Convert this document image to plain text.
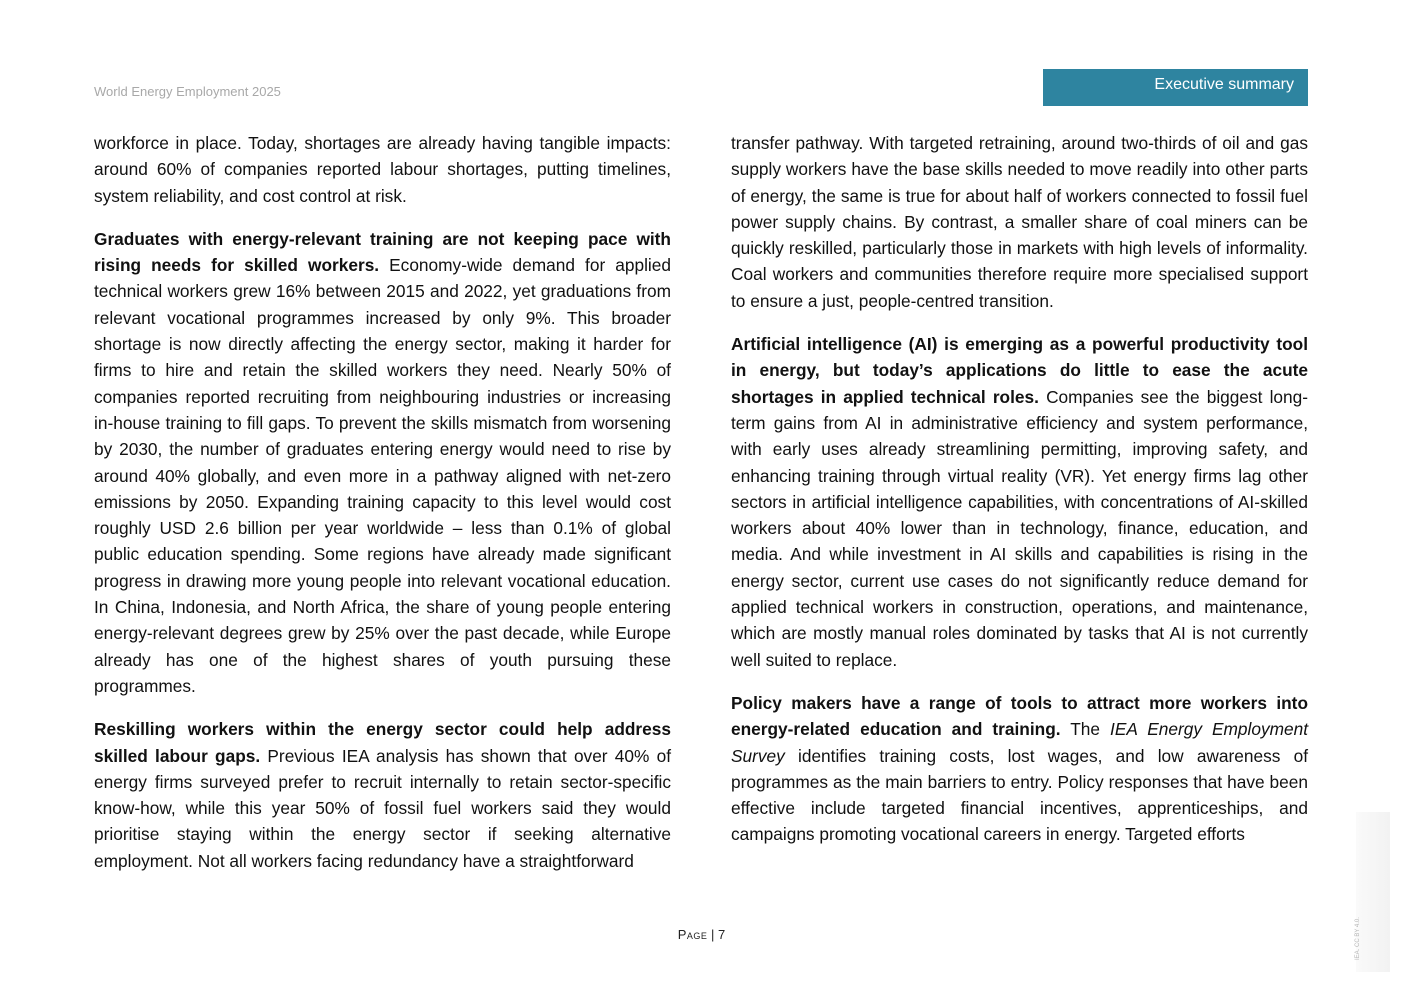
World Energy Employment 2025	Executive summary

workforce in place. Today, shortages are already having tangible impacts: around 60% of companies reported labour shortages, putting timelines, system reliability, and cost control at risk.

Graduates with energy-relevant training are not keeping pace with rising needs for skilled workers. Economy-wide demand for applied technical workers grew 16% between 2015 and 2022, yet graduations from relevant vocational programmes increased by only 9%. This broader shortage is now directly affecting the energy sector, making it harder for firms to hire and retain the skilled workers they need. Nearly 50% of companies reported recruiting from neighbouring industries or increasing in-house training to fill gaps. To prevent the skills mismatch from worsening by 2030, the number of graduates entering energy would need to rise by around 40% globally, and even more in a pathway aligned with net-zero emissions by 2050. Expanding training capacity to this level would cost roughly USD 2.6 billion per year worldwide – less than 0.1% of global public education spending. Some regions have already made significant progress in drawing more young people into relevant vocational education. In China, Indonesia, and North Africa, the share of young people entering energy-relevant degrees grew by 25% over the past decade, while Europe already has one of the highest shares of youth pursuing these programmes.

Reskilling workers within the energy sector could help address skilled labour gaps. Previous IEA analysis has shown that over 40% of energy firms surveyed prefer to recruit internally to retain sector-specific know-how, while this year 50% of fossil fuel workers said they would prioritise staying within the energy sector if seeking alternative employment. Not all workers facing redundancy have a straightforward

transfer pathway. With targeted retraining, around two-thirds of oil and gas supply workers have the base skills needed to move readily into other parts of energy, the same is true for about half of workers connected to fossil fuel power supply chains. By contrast, a smaller share of coal miners can be quickly reskilled, particularly those in markets with high levels of informality. Coal workers and communities therefore require more specialised support to ensure a just, people-centred transition.

Artificial intelligence (AI) is emerging as a powerful productivity tool in energy, but today’s applications do little to ease the acute shortages in applied technical roles. Companies see the biggest long-term gains from AI in administrative efficiency and system performance, with early uses already streamlining permitting, improving safety, and enhancing training through virtual reality (VR). Yet energy firms lag other sectors in artificial intelligence capabilities, with concentrations of AI-skilled workers about 40% lower than in technology, finance, education, and media. And while investment in AI skills and capabilities is rising in the energy sector, current use cases do not significantly reduce demand for applied technical workers in construction, operations, and maintenance, which are mostly manual roles dominated by tasks that AI is not currently well suited to replace.

Policy makers have a range of tools to attract more workers into energy-related education and training. The IEA Energy Employment Survey identifies training costs, lost wages, and low awareness of programmes as the main barriers to entry. Policy responses that have been effective include targeted financial incentives, apprenticeships, and campaigns promoting vocational careers in energy. Targeted efforts

Page | 7	IEA. CC BY 4.0.
